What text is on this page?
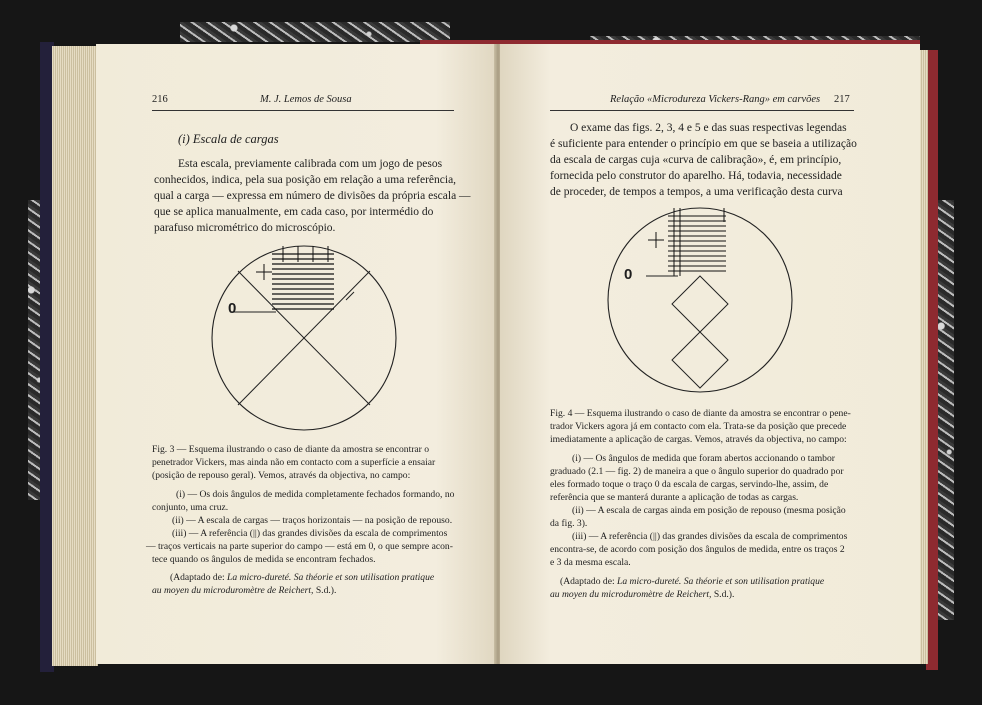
216	M. J. Lemos de Sousa
(i) Escala de cargas
Esta escala, previamente calibrada com um jogo de pesos
conhecidos, indica, pela sua posição em relação a uma referência,
qual a carga — expressa em número de divisões da própria escala —
que se aplica manualmente, em cada caso, por intermédio do
parafuso micrométrico do microscópio.
0
Fig. 3 — Esquema ilustrando o caso de diante da amostra se encontrar o
penetrador Vickers, mas ainda não em contacto com a superfície a ensaiar
(posição de repouso geral). Vemos, através da objectiva, no campo:
(i) — Os dois ângulos de medida completamente fechados formando, no
conjunto, uma cruz.
(ii) — A escala de cargas — traços horizontais — na posição de repouso.
(iii) — A referência (||) das grandes divisões da escala de comprimentos
— traços verticais na parte superior do campo — está em 0, o que sempre acon-
tece quando os ângulos de medida se encontram fechados.
(Adaptado de: La micro-dureté. Sa théorie et son utilisation pratique
au moyen du microduromètre de Reichert, S.d.).
Relação «Microdureza Vickers-Rang» em carvões 217
O exame das figs. 2, 3, 4 e 5 e das suas respectivas legendas
é suficiente para entender o princípio em que se baseia a utilização
da escala de cargas cuja «curva de calibração», é, em princípio,
fornecida pelo construtor do aparelho. Há, todavia, necessidade
de proceder, de tempos a tempos, a uma verificação desta curva
0
Fig. 4 — Esquema ilustrando o caso de diante da amostra se encontrar o pene-
trador Vickers agora já em contacto com ela. Trata-se da posição que precede
imediatamente a aplicação de cargas. Vemos, através da objectiva, no campo:
(i) — Os ângulos de medida que foram abertos accionando o tambor
graduado (2.1 — fig. 2) de maneira a que o ângulo superior do quadrado por
eles formado toque o traço 0 da escala de cargas, servindo-lhe, assim, de
referência que se manterá durante a aplicação de todas as cargas.
(ii) — A escala de cargas ainda em posição de repouso (mesma posição
da fig. 3).
(iii) — A referência (||) das grandes divisões da escala de comprimentos
encontra-se, de acordo com posição dos ângulos de medida, entre os traços 2
e 3 da mesma escala.
(Adaptado de: La micro-dureté. Sa théorie et son utilisation pratique
au moyen du microduromètre de Reichert, S.d.).
